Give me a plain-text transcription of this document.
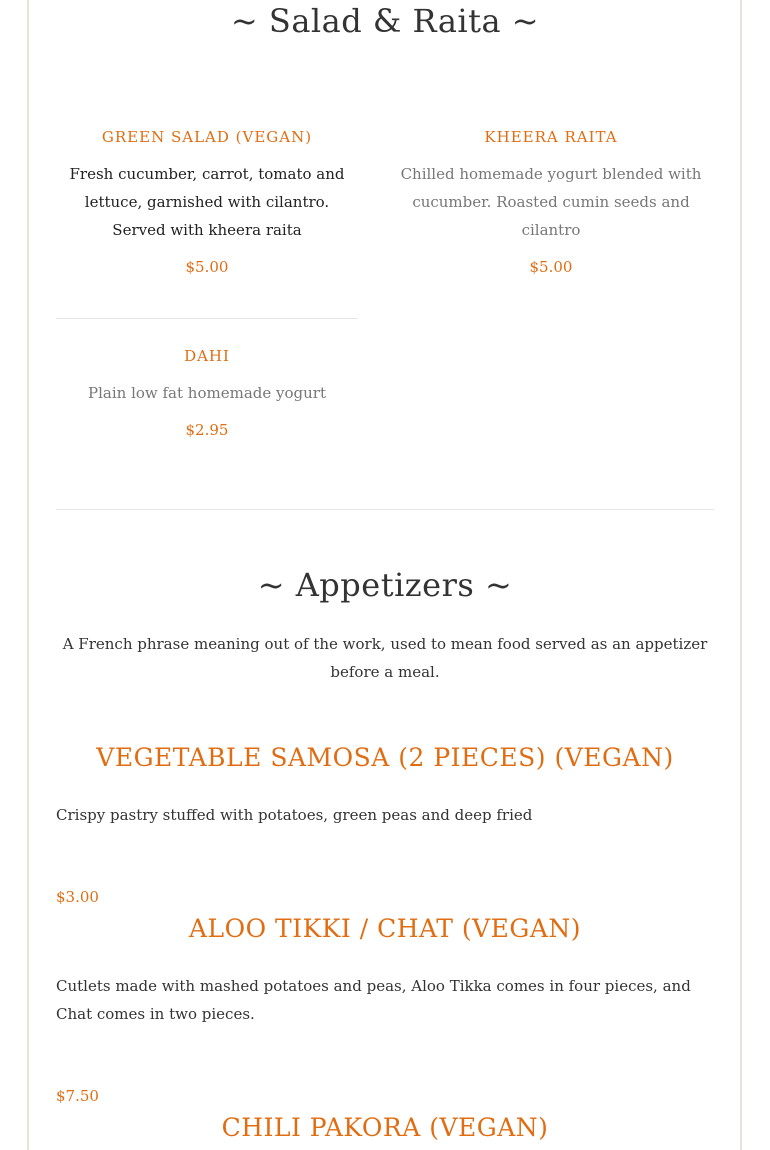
~ Salad & Raita ~
GREEN SALAD (VEGAN)
Fresh cucumber, carrot, tomato and lettuce, garnished with cilantro. Served with kheera raita
$5.00
KHEERA RAITA
Chilled homemade yogurt blended with cucumber. Roasted cumin seeds and cilantro
$5.00
DAHI
Plain low fat homemade yogurt
$2.95
~ Appetizers ~
A French phrase meaning out of the work, used to mean food served as an appetizer before a meal.
VEGETABLE SAMOSA (2 PIECES) (VEGAN)
Crispy pastry stuffed with potatoes, green peas and deep fried
$3.00
ALOO TIKKI / CHAT (VEGAN)
Cutlets made with mashed potatoes and peas, Aloo Tikka comes in four pieces, and Chat comes in two pieces.
$7.50
CHILI PAKORA (VEGAN)
